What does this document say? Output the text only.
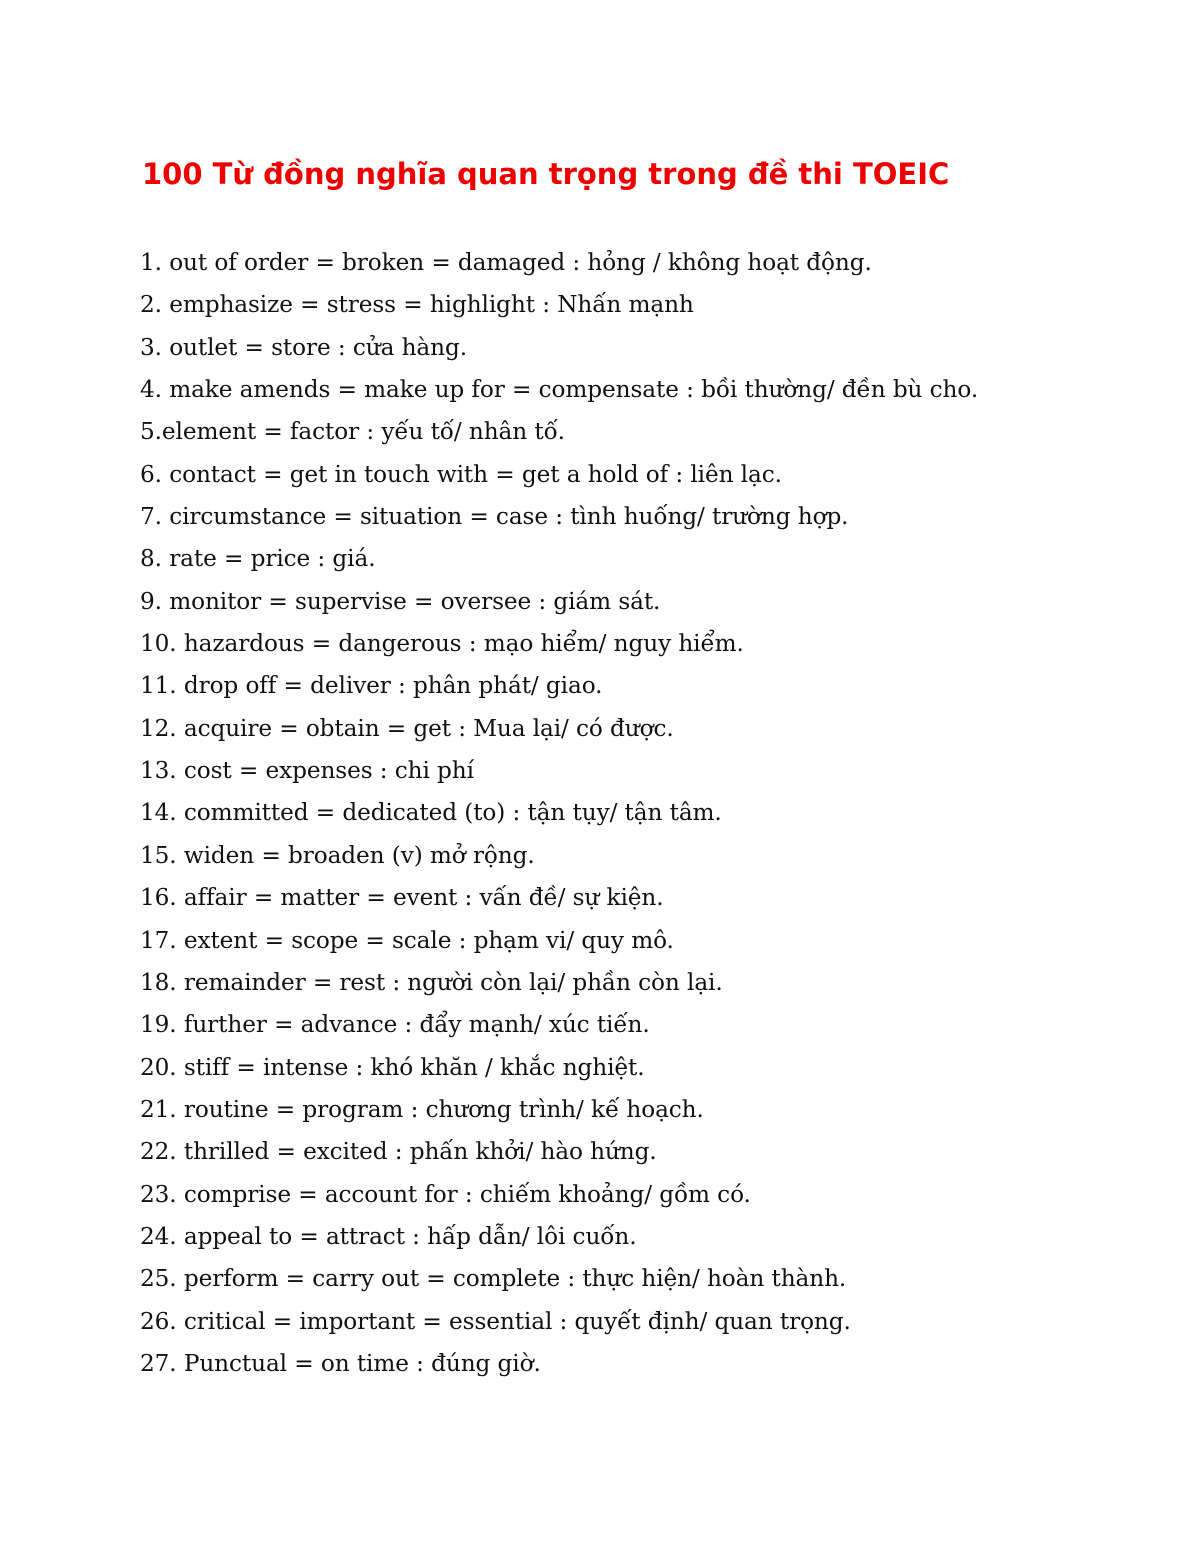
100 Từ đồng nghĩa quan trọng trong đề thi TOEIC
1. out of order = broken = damaged : hỏng / không hoạt động.
2. emphasize = stress = highlight : Nhấn mạnh
3. outlet = store : cửa hàng.
4. make amends = make up for = compensate : bồi thường/ đền bù cho.
5.element = factor : yếu tố/ nhân tố.
6. contact = get in touch with = get a hold of : liên lạc.
7. circumstance = situation = case : tình huống/ trường hợp.
8. rate = price : giá.
9. monitor = supervise = oversee : giám sát.
10. hazardous = dangerous : mạo hiểm/ nguy hiểm.
11. drop off = deliver : phân phát/ giao.
12. acquire = obtain = get : Mua lại/ có được.
13. cost = expenses : chi phí
14. committed = dedicated (to) : tận tụy/ tận tâm.
15. widen = broaden (v) mở rộng.
16. affair = matter = event : vấn đề/ sự kiện.
17. extent = scope = scale : phạm vi/ quy mô.
18. remainder = rest : người còn lại/ phần còn lại.
19. further = advance : đẩy mạnh/ xúc tiến.
20. stiff = intense : khó khăn / khắc nghiệt.
21. routine = program : chương trình/ kế hoạch.
22. thrilled = excited : phấn khởi/ hào hứng.
23. comprise = account for : chiếm khoảng/ gồm có.
24. appeal to = attract : hấp dẫn/ lôi cuốn.
25. perform = carry out = complete : thực hiện/ hoàn thành.
26. critical = important = essential : quyết định/ quan trọng.
27. Punctual = on time : đúng giờ.
